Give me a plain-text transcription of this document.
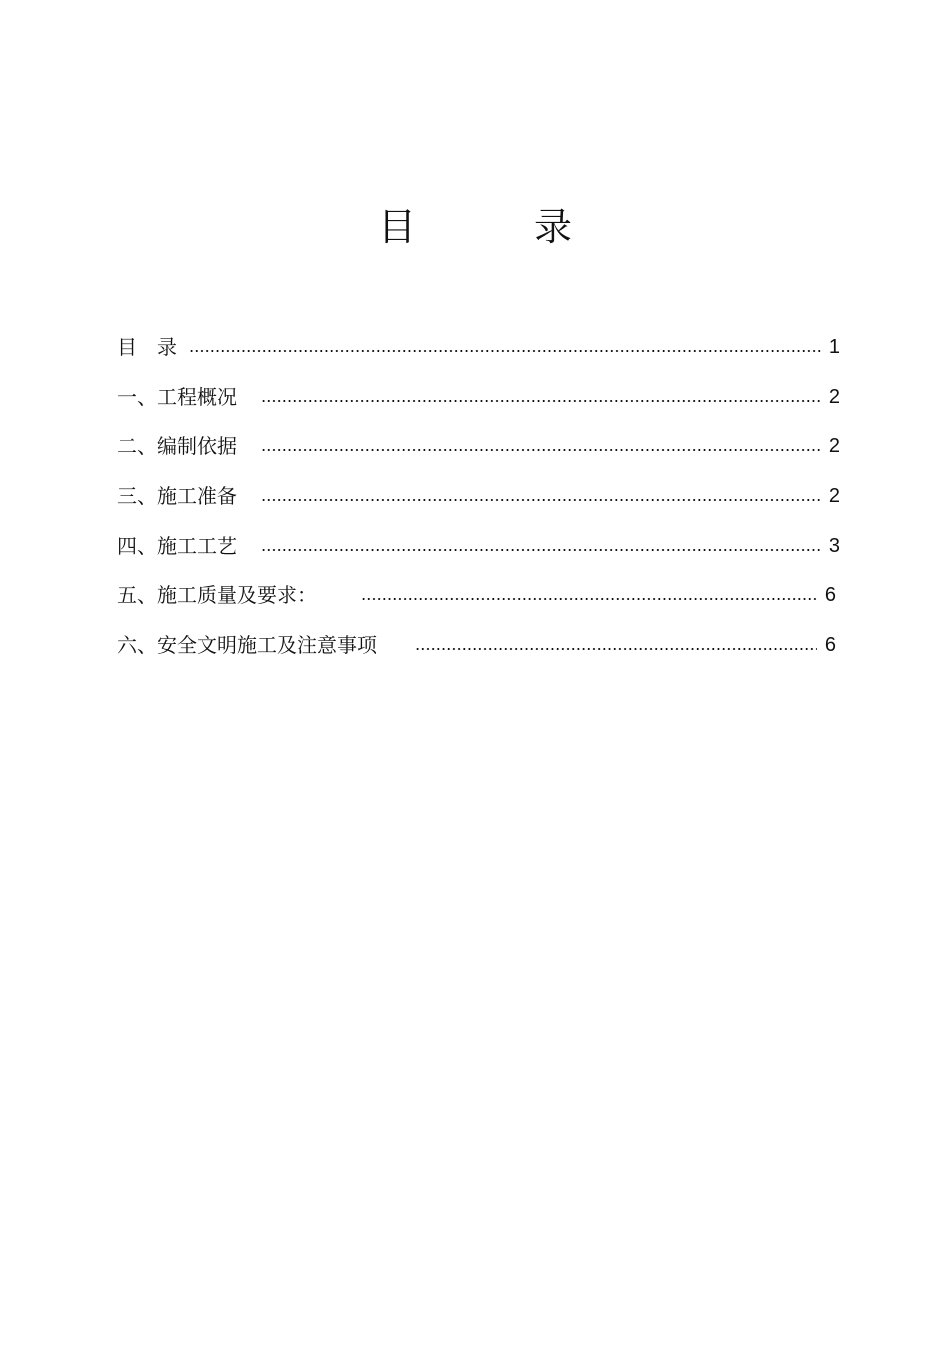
目　录
目　录	1
一、工程概况	2
二、编制依据	2
三、施工准备	2
四、施工工艺	3
五、施工质量及要求：	6
六、安全文明施工及注意事项	6
